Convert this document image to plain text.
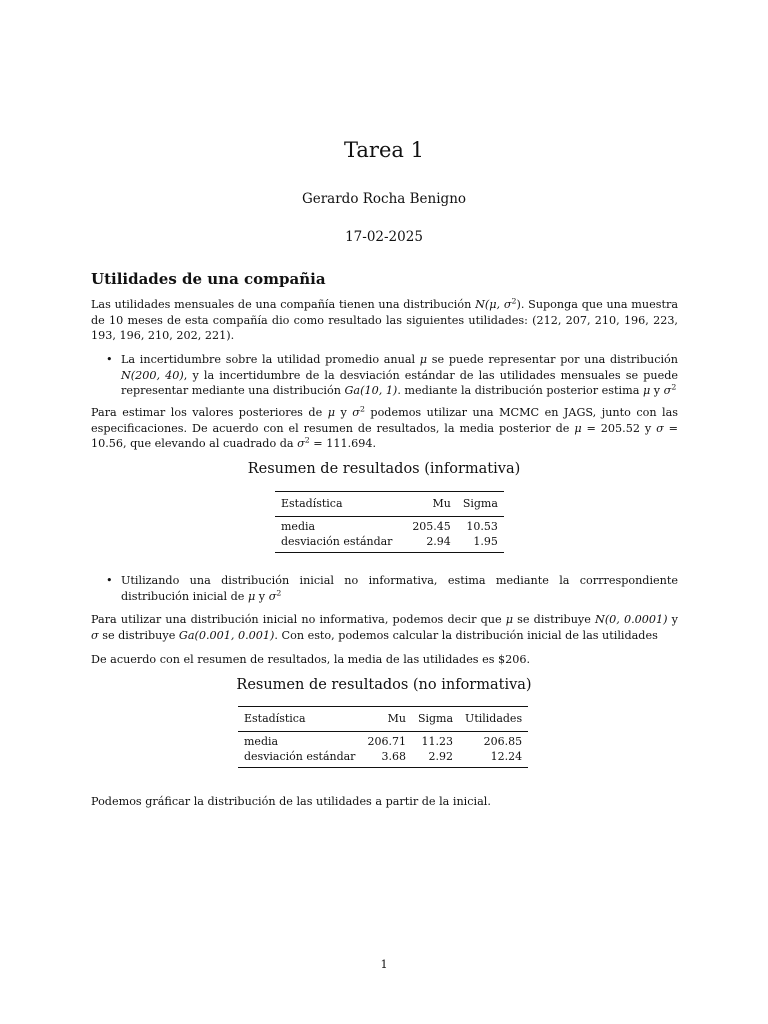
Tarea 1
Gerardo Rocha Benigno
17-02-2025
Utilidades de una compañia

Las utilidades mensuales de una compañía tienen una distribución N(μ, $\sigma^2$). Suponga que una muestra de 10 meses de esta compañía dio como resultado las siguientes utilidades: (212, 207, 210, 196, 223, 193, 196, 210, 202, 221).

• La incertidumbre sobre la utilidad promedio anual μ se puede representar por una distribución N(200, 40), y la incertidumbre de la desviación estándar de las utilidades mensuales se puede representar mediante una distribución Ga(10, 1). mediante la distribución posterior estima μ y $\sigma^2$

Para estimar los valores posteriores de μ y $\sigma^2$ podemos utilizar una MCMC en JAGS, junto con las especificaciones. De acuerdo con el resumen de resultados, la media posterior de μ = 205.52 y σ = 10.56, que elevando al cuadrado da $\sigma^2 = 111.694$.

Resumen de resultados (informativa)
Estadística	Mu	Sigma
media	205.45	10.53
desviación estándar	2.94	1.95
• Utilizando una distribución inicial no informativa, estima mediante la corrrespondiente distribución inicial de μ y $\sigma^2$

Para utilizar una distribución inicial no informativa, podemos decir que μ se distribuye N(0, 0.0001) y σ se distribuye Ga(0.001, 0.001). Con esto, podemos calcular la distribución inicial de las utilidades

De acuerdo con el resumen de resultados, la media de las utilidades es $206.

Resumen de resultados (no informativa)
Estadística	Mu	Sigma	Utilidades
media	206.71	11.23	206.85
desviación estándar	3.68	2.92	12.24

Podemos gráficar la distribución de las utilidades a partir de la inicial.

1
